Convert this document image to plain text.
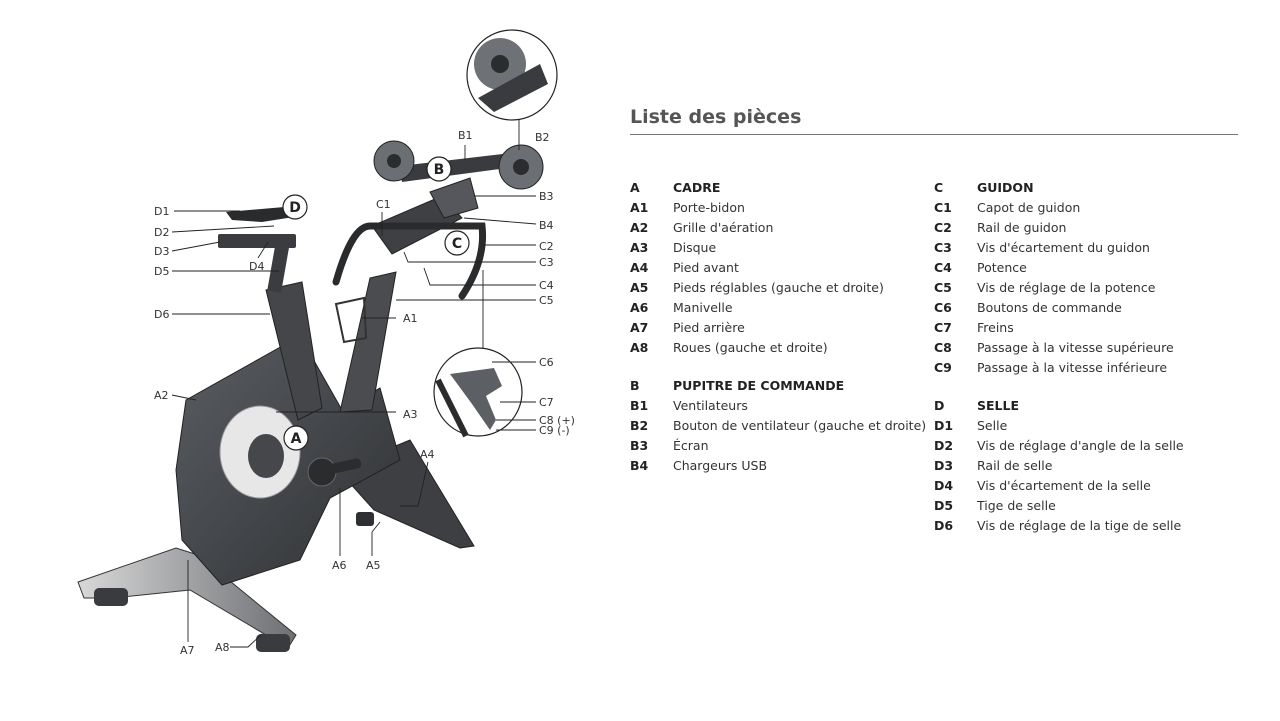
A
B
C
D
D1
D2
D3
D4
D5
D6
A2
A1
A3
A4
A6 A5
A7 A8
B1	B2
B3
B4
C1
C2
C3
C4
C5
C6
C7
C8 (+)
C9 (-)
Liste des pièces
A	CADRE
A1	Porte-bidon
A2	Grille d'aération
A3	Disque
A4	Pied avant
A5	Pieds réglables (gauche et droite)
A6	Manivelle
A7	Pied arrière
A8	Roues (gauche et droite)
B	PUPITRE DE COMMANDE
B1	Ventilateurs
B2	Bouton de ventilateur (gauche et droite)
B3	Écran
B4	Chargeurs USB
C	GUIDON
C1	Capot de guidon
C2	Rail de guidon
C3	Vis d'écartement du guidon
C4	Potence
C5	Vis de réglage de la potence
C6	Boutons de commande
C7	Freins
C8	Passage à la vitesse supérieure
C9	Passage à la vitesse inférieure
D	SELLE
D1	Selle
D2	Vis de réglage d'angle de la selle
D3	Rail de selle
D4	Vis d'écartement de la selle
D5	Tige de selle
D6	Vis de réglage de la tige de selle
